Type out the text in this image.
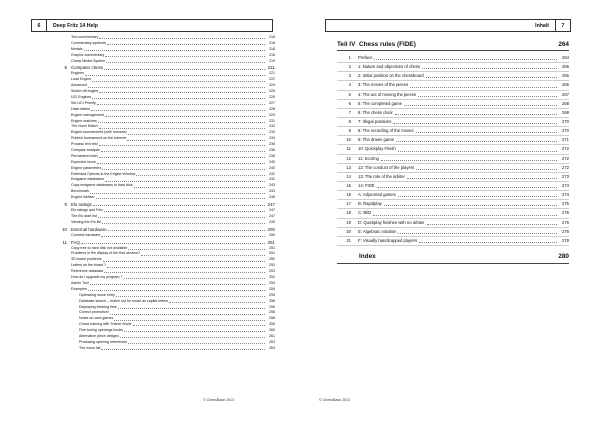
6	Deep Fritz 14 Help
Text commentary	218
Commentary symbols	218
Medals	218
Graphic commentary	218
Chess Media System	219
8 Computer chess	221
Engines	221
Load Engine	222
Advanced	224
Switch off engine	226
UCI Engines	226
Set UCI Priority	227
Hash tables	228
Engine management	229
Engine matches	231
The Nunn Match	232
Engine tournaments (with humans)	233
Publish tournament on the Internet	234
Process text test	236
Compare analysis	236
Permanent brain	236
Expected move	240
Engine parameters	240
Extended Options in the Engine Window	242
Endgame databases	242
Copy endgame databases to hard disk	243
Benchmark	243
Engine kibitzer	246
9 Elo ratings	247
Elo ratings and Fritz	247
The Elo start list	247
Viewing the Elo list	249
10 External hardware	250
Connect hardware	250
11 FAQ	251
Copy tree to hard disk not available	251
Problems in the display of the first window?	251
3D board problems	252
Letters on the board ?	252
Reference database	253
How do I upgrade my program ?	253
Admin Tool	254
Examples	255
Optimizing move entry	255
Database search – match out for smart as capital letters	256
Displaying thinking time	256
Correct promotion!	258
Notes on card games	258
Chess training with Trainer Mode	259
Fine tuning openings books	260
Alternative piece designs	261
Producing opening references	263
The move list	264
© ChessBase 2013
Inhalt	7
Teil IV Chess rules (FIDE)	264
1	Preface	264
2	1: Nature and objectives of chess	265
3	2: Initial position on the chessboard	265
4	3: The moves of the pieces	265
5	4: The act of moving the pieces	267
6	5: The completed game	268
7	6: The chess clock	268
8	7: Illegal positions	270
9	8: The recording of the moves	270
10	9: The drawn game	271
11	10: Quickplay Finish	272
12	11: Scoring	272
13	12: The conduct of the players	272
14	13: The role of the arbiter	273
15	14: FIDE	274
16	A: Adjourned games	274
17	B: Rapidplay	275
18	C: Blitz	276
19	D: Quickplay finishes with no arbiter	276
20	E: Algebraic notation	276
21	F: Visually handicapped players	278
Index	280
© ChessBase 2013
